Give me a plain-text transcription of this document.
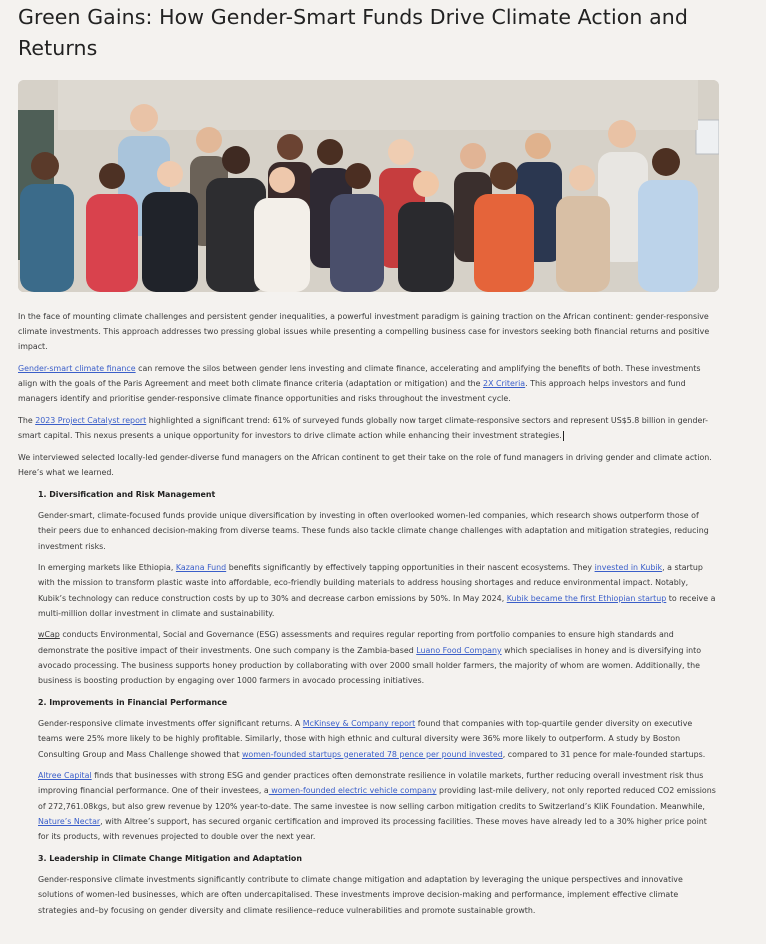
Green Gains: How Gender-Smart Funds Drive Climate Action and Returns

In the face of mounting climate challenges and persistent gender inequalities, a powerful investment paradigm is gaining traction on the African continent: gender-responsive climate investments. This approach addresses two pressing global issues while presenting a compelling business case for investors seeking both financial returns and positive impact.

Gender-smart climate finance can remove the silos between gender lens investing and climate finance, accelerating and amplifying the benefits of both. These investments align with the goals of the Paris Agreement and meet both climate finance criteria (adaptation or mitigation) and the 2X Criteria. This approach helps investors and fund managers identify and prioritise gender-responsive climate finance opportunities and risks throughout the investment cycle.

The 2023 Project Catalyst report highlighted a significant trend: 61% of surveyed funds globally now target climate-responsive sectors and represent US$5.8 billion in gender-smart capital. This nexus presents a unique opportunity for investors to drive climate action while enhancing their investment strategies.

We interviewed selected locally-led gender-diverse fund managers on the African continent to get their take on the role of fund managers in driving gender and climate action. Here’s what we learned.

1. Diversification and Risk Management

Gender-smart, climate-focused funds provide unique diversification by investing in often overlooked women-led companies, which research shows outperform those of their peers due to enhanced decision-making from diverse teams. These funds also tackle climate change challenges with adaptation and mitigation strategies, reducing investment risks.

In emerging markets like Ethiopia, Kazana Fund benefits significantly by effectively tapping opportunities in their nascent ecosystems. They invested in Kubik, a startup with the mission to transform plastic waste into affordable, eco-friendly building materials to address housing shortages and reduce environmental impact. Notably, Kubik’s technology can reduce construction costs by up to 30% and decrease carbon emissions by 50%. In May 2024, Kubik became the first Ethiopian startup to receive a multi-million dollar investment in climate and sustainability.

wCap conducts Environmental, Social and Governance (ESG) assessments and requires regular reporting from portfolio companies to ensure high standards and demonstrate the positive impact of their investments. One such company is the Zambia-based Luano Food Company which specialises in honey and is diversifying into avocado processing. The business supports honey production by collaborating with over 2000 small holder farmers, the majority of whom are women. Additionally, the business is boosting production by engaging over 1000 farmers in avocado processing initiatives.

2. Improvements in Financial Performance

Gender-responsive climate investments offer significant returns. A McKinsey & Company report found that companies with top-quartile gender diversity on executive teams were 25% more likely to be highly profitable. Similarly, those with high ethnic and cultural diversity were 36% more likely to outperform. A study by Boston Consulting Group and Mass Challenge showed that women-founded startups generated 78 pence per pound invested, compared to 31 pence for male-founded startups.

Altree Capital finds that businesses with strong ESG and gender practices often demonstrate resilience in volatile markets, further reducing overall investment risk thus improving financial performance. One of their investees, a women-founded electric vehicle company providing last-mile delivery, not only reported reduced CO2 emissions of 272,761.08kgs, but also grew revenue by 120% year-to-date. The same investee is now selling carbon mitigation credits to Switzerland’s KliK Foundation. Meanwhile, Nature’s Nectar, with Altree’s support, has secured organic certification and improved its processing facilities. These moves have already led to a 30% higher price point for its products, with revenues projected to double over the next year.

3. Leadership in Climate Change Mitigation and Adaptation

Gender-responsive climate investments significantly contribute to climate change mitigation and adaptation by leveraging the unique perspectives and innovative solutions of women-led businesses, which are often undercapitalised. These investments improve decision-making and performance, implement effective climate strategies and–by focusing on gender diversity and climate resilience–reduce vulnerabilities and promote sustainable growth.
